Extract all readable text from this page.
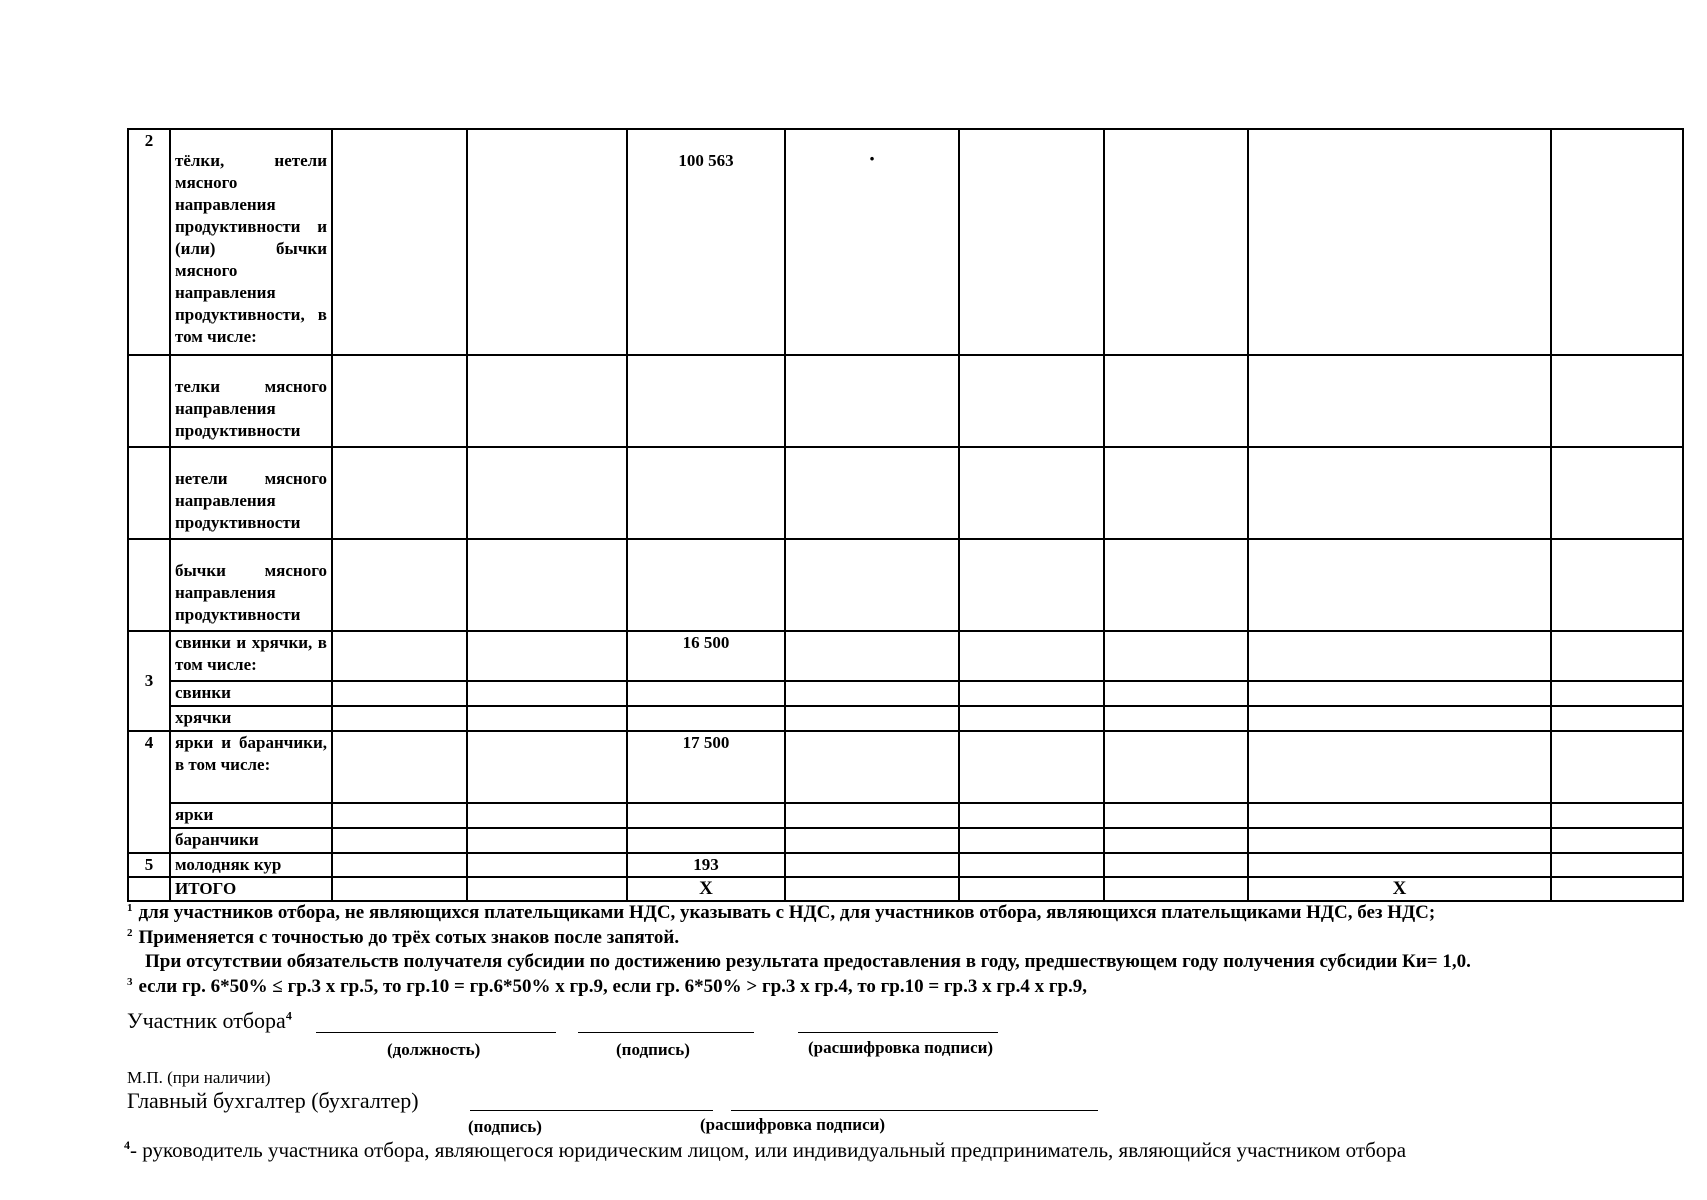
2	тёлки, нетели мясного направления продуктивности и (или) бычки мясного направления продуктивности, в том числе:			100 563	·				

	телки мясного направления продуктивности								
	нетели мясного направления продуктивности								
	бычки мясного направления продуктивности								
3	свинки и хрячки, в том числе:			16 500					
	свинки								
	хрячки								
4	ярки и баранчики, в том числе:			17 500					
	ярки								
	баранчики								
5	молодняк кур			193					
	ИТОГО			Х				Х	
$^1$ для участников отбора, не являющихся плательщиками НДС, указывать с НДС, для участников отбора, являющихся плательщиками НДС, без НДС;
$^2$ Применяется с точностью до трёх сотых знаков после запятой.
При отсутствии обязательств получателя субсидии по достижению результата предоставления в году, предшествующем году получения субсидии Ки= 1,0.
$^3$ если гр. 6*50% ≤ гр.3 х гр.5, то гр.10 = гр.6*50% х гр.9, если гр. 6*50% > гр.3 х гр.4, то гр.10 = гр.3 х гр.4 х гр.9,
Участник отбора$^4$
(должность)	(подпись)	(расшифровка подписи)
М.П. (при наличии)
Главный бухгалтер (бухгалтер)
(подпись)	(расшифровка подписи)
$^4$- руководитель участника отбора, являющегося юридическим лицом, или индивидуальный предприниматель, являющийся участником отбора
